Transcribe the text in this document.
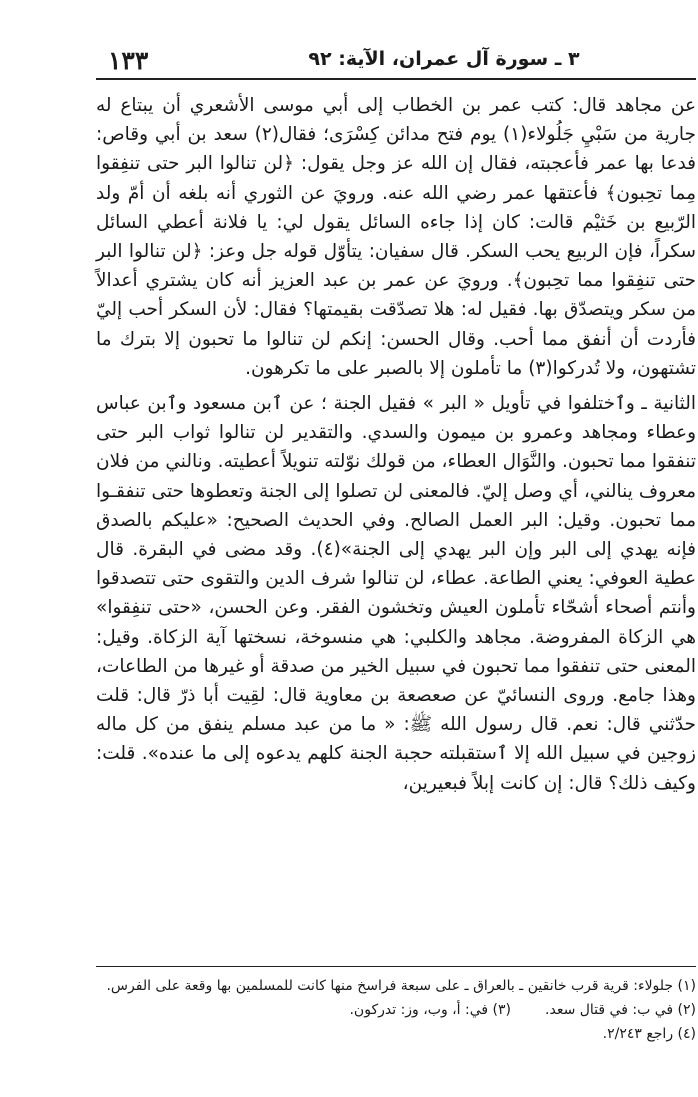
٣ ـ سورة آل عمران، الآية: ٩٢
١٣٣

عن مجاهد قال: كتب عمر بن الخطاب إلى أبي موسى الأشعري أن يبتاع له جارية من سَبْيِ جَلُولاء(١) يوم فتح مدائن كِسْرَى؛ فقال(٢) سعد بن أبي وقاص: فدعا بها عمر فأعجبته، فقال إن الله عز وجل يقول: ﴿لن تنالوا البر حتى تنفِقوا مِما تحِبون﴾ فأعتقها عمر رضي الله عنه. ورويَ عن الثوري أنه بلغه أن أمّ ولد الرّبيع بن خَثيْم قالت: كان إذا جاءه السائل يقول لي: يا فلانة أعطي السائل سكراً، فإن الربيع يحب السكر. قال سفيان: يتأوّل قوله جل وعز: ﴿لن تنالوا البر حتى تنفِقوا مما تحِبون﴾. ورويَ عن عمر بن عبد العزيز أنه كان يشتري أعدالاً من سكر ويتصدّق بها. فقيل له: هلا تصدّقت بقيمتها؟ فقال: لأن السكر أحب إليّ فأردت أن أنفق مما أحب. وقال الحسن: إنكم لن تنالوا ما تحبون إلا بترك ما تشتهون، ولا تُدركوا(٣) ما تأملون إلا بالصبر على ما تكرهون.

الثانية ـ وٱختلفوا في تأويل « البر » فقيل الجنة ؛ عن ٱبن مسعود وٱبن عباس وعطاء ومجاهد وعمرو بن ميمون والسدي. والتقدير لن تنالوا ثواب البر حتى تنفقوا مما تحبون. والنَّوَال العطاء، من قولك نوّلته تنويلاً أعطيته. ونالني من فلان معروف ينالني، أي وصل إليّ. فالمعنى لن تصلوا إلى الجنة وتعطوها حتى تنفقـوا مما تحبون. وقيل: البر العمل الصالح. وفي الحديث الصحيح: «عليكم بالصدق فإنه يهدي إلى البر وإن البر يهدي إلى الجنة»(٤). وقد مضى في البقرة. قال عطية العوفي: يعني الطاعة. عطاء، لن تنالوا شرف الدين والتقوى حتى تتصدقوا وأنتم أصحاء أشحّاء تأملون العيش وتخشون الفقر. وعن الحسن، «حتى تنفِقوا» هي الزكاة المفروضة. مجاهد والكلبي: هي منسوخة، نسختها آية الزكاة. وقيل: المعنى حتى تنفقوا مما تحبون في سبيل الخير من صدقة أو غيرها من الطاعات، وهذا جامع. وروى النسائيّ عن صعصعة بن معاوية قال: لقِيت أبا ذرّ قال: قلت حدّثني قال: نعم. قال رسول الله ﷺ: « ما من عبد مسلم ينفق من كل ماله زوجين في سبيل الله إلا ٱستقبلته حجبة الجنة كلهم يدعوه إلى ما عنده». قلت: وكيف ذلك؟ قال: إن كانت إبلاً فبعيرين،

(١) جلولاء: قرية قرب خانقين ـ بالعراق ـ على سبعة فراسخ منها كانت للمسلمين بها وقعة على الفرس.
(٢) في ب: في قتال سعد.(٣) في: أ، وب، وز: تدركون.
(٤) راجع ٢/٢٤٣.
